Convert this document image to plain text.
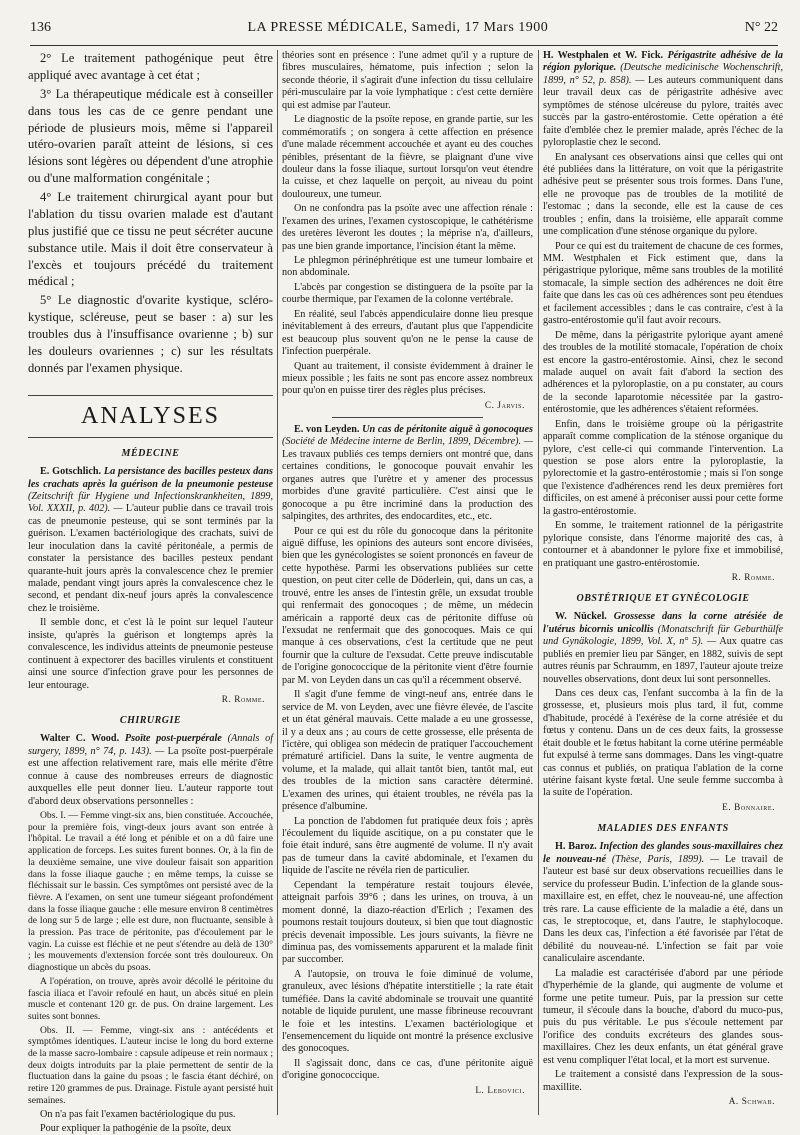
136	LA PRESSE MÉDICALE, Samedi, 17 Mars 1900	N° 22

2° Le traitement pathogénique peut être appliqué avec avantage à cet état ;

3° La thérapeutique médicale est à conseiller dans tous les cas de ce genre pendant une période de plusieurs mois, même si l'appareil utéro-ovarien paraît atteint de lésions, si ces lésions sont légères ou dépendent d'une atrophie ou d'une malformation congénitale ;

4° Le traitement chirurgical ayant pour but l'ablation du tissu ovarien malade est d'autant plus justifié que ce tissu ne peut sécréter aucune substance utile. Mais il doit être conservateur à l'excès et toujours précédé du traitement médical ;

5° Le diagnostic d'ovarite kystique, scléro-kystique, scléreuse, peut se baser : a) sur les troubles dus à l'insuffisance ovarienne ; b) sur les douleurs ovariennes ; c) sur les résultats donnés par l'examen physique.

ANALYSES
MÉDECINE

E. Gotschlich. La persistance des bacilles pesteux dans les crachats après la guérison de la pneumonie pesteuse (Zeitschrift für Hygiene und Infectionskrankheiten, 1899, Vol. XXXII, p. 402). — L'auteur publie dans ce travail trois cas de pneumonie pesteuse, qui se sont terminés par la guérison. L'examen bactériologique des crachats, suivi de leur inoculation dans la cavité péritonéale, a permis de constater la persistance des bacilles pesteux pendant quarante-huit jours après la convalescence chez le premier malade, pendant vingt jours après la convalescence chez le second, et pendant dix-neuf jours après la convalescence chez le troisième.

Il semble donc, et c'est là le point sur lequel l'auteur insiste, qu'après la guérison et longtemps après la convalescence, les individus atteints de pneumonie pesteuse continuent à expectorer des bacilles virulents et constituent ainsi une source d'infection grave pour les personnes de leur entourage.

R. Romme.
CHIRURGIE

Walter C. Wood. Psoïte post-puerpérale (Annals of surgery, 1899, n° 74, p. 143). — La psoïte post-puerpérale est une affection relativement rare, mais elle mérite d'être connue à cause des nombreuses erreurs de diagnostic auxquelles elle peut donner lieu. L'auteur rapporte tout d'abord deux observations personnelles :

Obs. I. — Femme vingt-six ans, bien constituée. Accouchée, pour la première fois, vingt-deux jours avant son entrée à l'hôpital. Le travail a été long et pénible et on a dû faire une application de forceps. Les suites furent bonnes. Or, à la fin de la deuxième semaine, une vive douleur faisait son apparition dans la fosse iliaque gauche ; en même temps, la cuisse se fléchissait sur le bassin. Ces symptômes ont persisté avec de la fièvre. A l'examen, on sent une tumeur siégeant profondément dans la fosse iliaque gauche : elle mesure environ 8 centimètres de long sur 5 de large ; elle est dure, non fluctuante, sensible à la pression. Pas trace de péritonite, pas d'écoulement par le vagin. La cuisse est fléchie et ne peut s'étendre au delà de 130° ; les mouvements d'extension forcée sont très douloureux. On diagnostique un abcès du psoas.

A l'opération, on trouve, après avoir décollé le péritoine du fascia iliaca et l'avoir refoulé en haut, un abcès situé en plein muscle et contenant 120 gr. de pus. On draine largement. Les suites sont bonnes.

Obs. II. — Femme, vingt-six ans : antécédents et symptômes identiques. L'auteur incise le long du bord externe de la masse sacro-lombaire : capsule adipeuse et rein normaux ; deux doigts introduits par la plaie permettent de sentir de la fluctuation dans la gaine du psoas ; le fascia étant déchiré, on retire 120 grammes de pus. Drainage. Fistule ayant persisté huit semaines.

On n'a pas fait l'examen bactériologique du pus.

Pour expliquer la pathogénie de la psoïte, deux

théories sont en présence : l'une admet qu'il y a rupture de fibres musculaires, hématome, puis infection ; selon la seconde théorie, il s'agirait d'une infection du tissu cellulaire péri-musculaire par la voie lymphatique : c'est cette dernière qui est admise par l'auteur.

Le diagnostic de la psoïte repose, en grande partie, sur les commémoratifs ; on songera à cette affection en présence d'une malade récemment accouchée et ayant eu des couches pénibles, présentant de la fièvre, se plaignant d'une vive douleur dans la fosse iliaque, surtout lorsqu'on veut étendre la cuisse, et chez laquelle on perçoit, au niveau du point douloureux, une tumeur.

On ne confondra pas la psoïte avec une affection rénale : l'examen des urines, l'examen cystoscopique, le cathétérisme des uretères lèveront les doutes ; la méprise n'a, d'ailleurs, pas une bien grande importance, l'incision étant la même.

Le phlegmon périnéphrétique est une tumeur lombaire et non abdominale.

L'abcès par congestion se distinguera de la psoïte par la courbe thermique, par l'examen de la colonne vertébrale.

En réalité, seul l'abcès appendiculaire donne lieu presque inévitablement à des erreurs, d'autant plus que l'appendicite est beaucoup plus souvent qu'on ne le pense la cause de l'infection puerpérale.

Quant au traitement, il consiste évidemment à drainer le mieux possible ; les faits ne sont pas encore assez nombreux pour qu'on en puisse tirer des règles plus précises.

C. Jarvis.

E. von Leyden. Un cas de péritonite aiguë à gonocoques (Société de Médecine interne de Berlin, 1899, Décembre). — Les travaux publiés ces temps derniers ont montré que, dans certaines conditions, le gonocoque pouvait envahir les organes autres que l'urètre et y amener des processus morbides d'une gravité particulière. C'est ainsi que le gonocoque a pu être incriminé dans la production des salpingites, des arthrites, des endocardites, etc., etc.

Pour ce qui est du rôle du gonocoque dans la péritonite aiguë diffuse, les opinions des auteurs sont encore divisées, bien que les gynécologistes se soient prononcés en faveur de cette hypothèse. Parmi les observations publiées sur cette question, on peut citer celle de Döderlein, qui, dans un cas, a trouvé, entre les anses de l'intestin grêle, un exsudat trouble qui renfermait des gonocoques ; de même, un médecin américain a rapporté deux cas de péritonite diffuse où l'exsudat ne renfermait que des gonocoques. Mais ce qui manque à ces observations, c'est la certitude que ne peut fournir que la culture de l'exsudat. Cette preuve indiscutable de l'origine gonococcique de la péritonite vient d'être fournie par M. von Leyden dans un cas qu'il a récemment observé.

Il s'agit d'une femme de vingt-neuf ans, entrée dans le service de M. von Leyden, avec une fièvre élevée, de l'ascite et un état général mauvais. Cette malade a eu une grossesse, il y a deux ans ; au cours de cette grossesse, elle présenta de l'ictère, qui obligea son médecin de pratiquer l'accouchement prématuré artificiel. Dans la suite, le ventre augmenta de volume, et la malade, qui allait tantôt bien, tantôt mal, eut des troubles de la miction sans caractère déterminé. L'examen des urines, qui étaient troubles, ne révéla pas la présence d'albumine.

La ponction de l'abdomen fut pratiquée deux fois ; après l'écoulement du liquide ascitique, on a pu constater que le foie était induré, sans être augmenté de volume. Il n'y avait pas de tumeur dans la cavité abdominale, et l'examen du liquide de l'ascite ne révéla rien de particulier.

Cependant la température restait toujours élevée, atteignait parfois 39°6 ; dans les urines, on trouva, à un moment donné, la diazo-réaction d'Erlich ; l'examen des poumons restait toujours douteux, si bien que tout diagnostic précis devenait impossible. Les jours suivants, la fièvre ne diminua pas, des vomissements apparurent et la malade finit par succomber.

A l'autopsie, on trouva le foie diminué de volume, granuleux, avec lésions d'hépatite interstitielle ; la rate était tuméfiée. Dans la cavité abdominale se trouvait une quantité notable de liquide purulent, une masse fibrineuse recouvrant le foie et les intestins. L'examen bactériologique et l'ensemencement du liquide ont montré la présence exclusive des gonocoques.

Il s'agissait donc, dans ce cas, d'une péritonite aiguë d'origine gonococcique.

L. Lebovici.

H. Westphalen et W. Fick. Périgastrite adhésive de la région pylorique. (Deutsche medicinische Wochenschrift, 1899, n° 52, p. 858). — Les auteurs communiquent dans leur travail deux cas de périgastrite adhésive avec symptômes de sténose ulcéreuse du pylore, traités avec succès par la gastro-entérostomie. Cette opération a été faite d'emblée chez le premier malade, après l'échec de la pyloroplastie chez le second.

En analysant ces observations ainsi que celles qui ont été publiées dans la littérature, on voit que la périgastrite adhésive peut se présenter sous trois formes. Dans l'une, elle ne provoque pas de troubles de la motilité de l'estomac ; dans la seconde, elle est la cause de ces troubles ; enfin, dans la troisième, elle apparaît comme une complication d'une sténose organique du pylore.

Pour ce qui est du traitement de chacune de ces formes, MM. Westphalen et Fick estiment que, dans la périgastrique pylorique, même sans troubles de la motilité stomacale, la simple section des adhérences ne doit être faite que dans les cas où ces adhérences sont peu étendues et facilement accessibles ; dans le cas contraire, c'est à la gastro-entérostomie qu'il faut avoir recours.

De même, dans la périgastrite pylorique ayant amené des troubles de la motilité stomacale, l'opération de choix est encore la gastro-entérostomie. Ainsi, chez le second malade auquel on avait fait d'abord la section des adhérences et la pyloroplastie, on a pu constater, au cours de la seconde laparotomie nécessitée par la gastro-entérostomie, que les adhérences s'étaient reformées.

Enfin, dans le troisième groupe où la périgastrite apparaît comme complication de la sténose organique du pylore, c'est celle-ci qui commande l'intervention. La question se pose alors entre la pyloroplastie, la pylorectomie et la gastro-entérostomie ; mais si l'on songe que l'existence d'adhérences rend les deux premières fort difficiles, on est amené à préconiser aussi pour cette forme la gastro-entérostomie.

En somme, le traitement rationnel de la périgastrite pylorique consiste, dans l'énorme majorité des cas, à contourner et à abandonner le pylore fixe et immobilisé, en pratiquant une gastro-entérostomie.

R. Romme.
OBSTÉTRIQUE ET GYNÉCOLOGIE

W. Nückel. Grossesse dans la corne atrésiée de l'utérus bicornis unicollis (Monatschrift für Geburthülfe und Gynäkologie, 1899, Vol. X, n° 5). — Aux quatre cas publiés en premier lieu par Sänger, en 1882, suivis de sept autres réunis par Schraumm, en 1897, l'auteur ajoute treize nouvelles observations, dont deux lui sont personnelles.

Dans ces deux cas, l'enfant succomba à la fin de la grossesse, et, plusieurs mois plus tard, il fut, comme d'habitude, procédé à l'exérèse de la corne atrésiée et du fœtus y contenu. Dans un de ces deux faits, la grossesse était double et le fœtus habitant la corne utérine perméable fut expulsé à terme sans dommages. Dans les vingt-quatre cas connus et publiés, on pratiqua l'ablation de la corne utérine faisant kyste fœtal. Une seule femme succomba à la suite de l'opération.

E. Bonnaire.
MALADIES DES ENFANTS

H. Baroz. Infection des glandes sous-maxillaires chez le nouveau-né (Thèse, Paris, 1899). — Le travail de l'auteur est basé sur deux observations recueillies dans le service du professeur Budin. L'infection de la glande sous-maxillaire est, en effet, chez le nouveau-né, une affection très rare. La cause efficiente de la maladie a été, dans un cas, le streptocoque, et, dans l'autre, le staphylocoque. Dans les deux cas, l'infection a été favorisée par l'état de débilité du nouveau-né. L'infection se fait par voie canaliculaire ascendante.

La maladie est caractérisée d'abord par une période d'hyperhémie de la glande, qui augmente de volume et forme une petite tumeur. Puis, par la pression sur cette tumeur, il s'écoule dans la bouche, d'abord du muco-pus, puis du pus véritable. Le pus s'écoule nettement par l'orifice des conduits excréteurs des glandes sous-maxillaires. Chez les deux enfants, un état général grave est venu compliquer l'état local, et la mort est survenue.

Le traitement a consisté dans l'expression de la sous-maxillite.

A. Schwab.
